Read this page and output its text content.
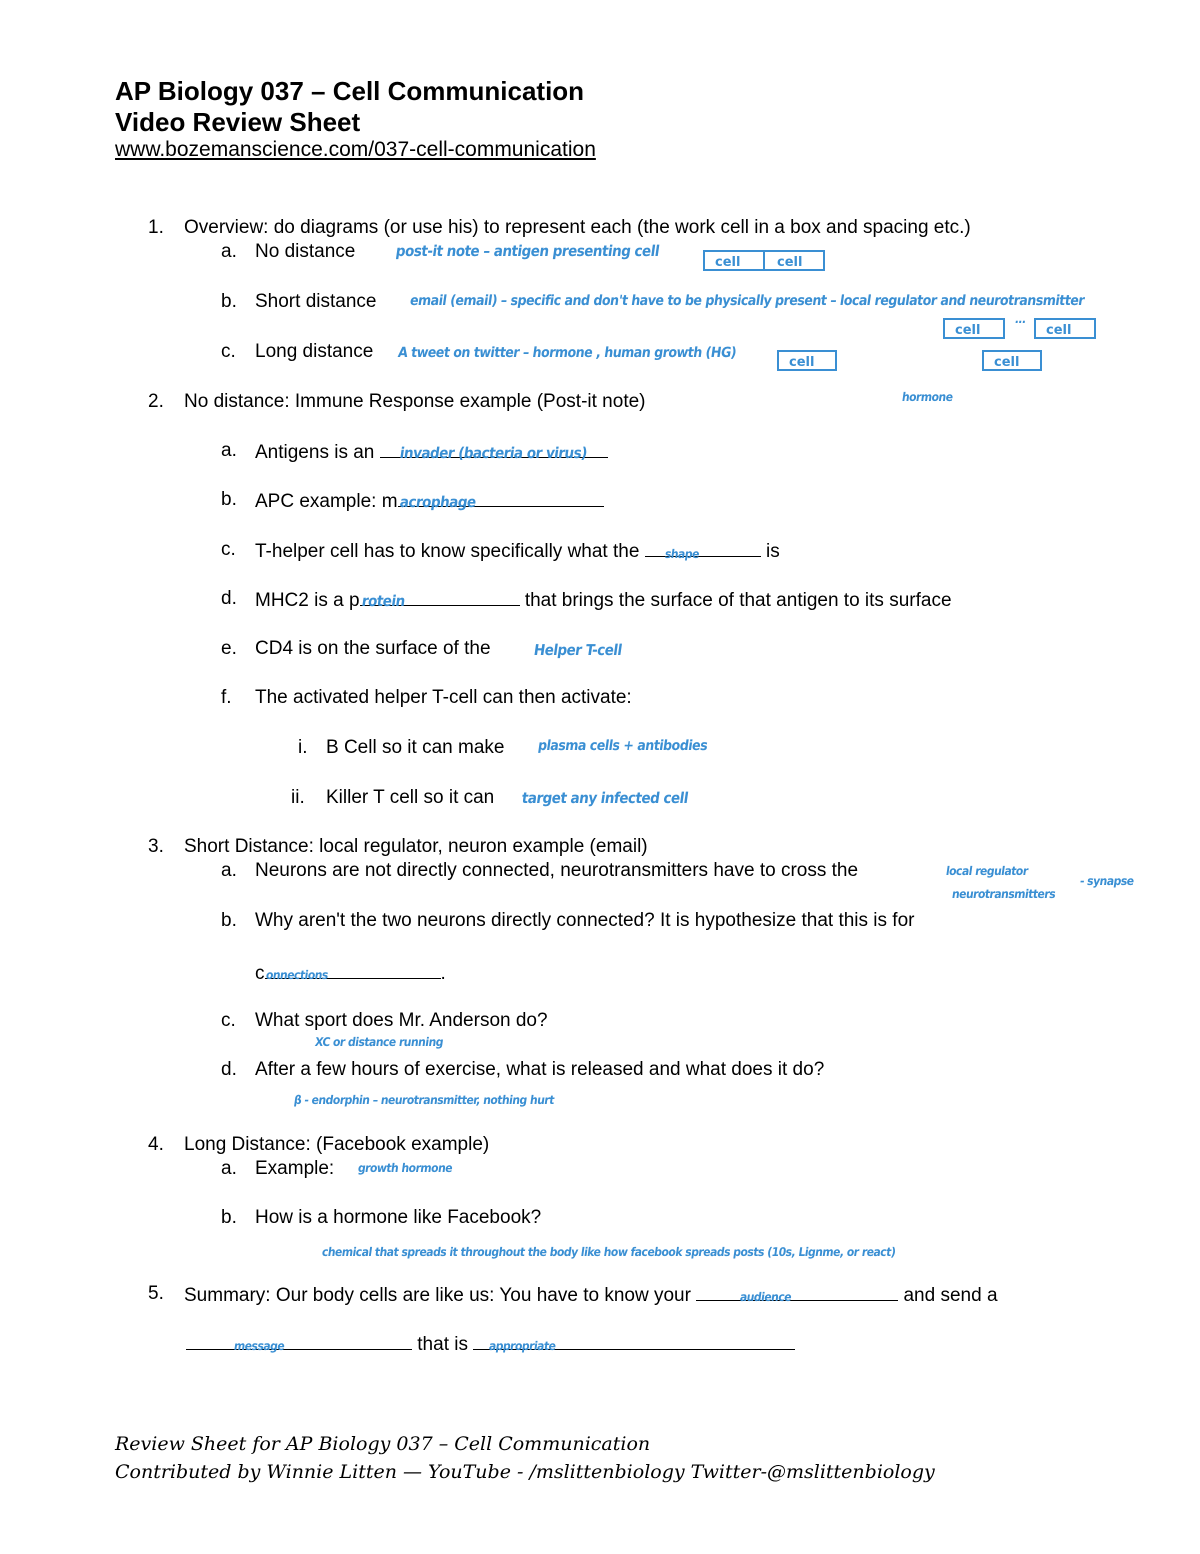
AP Biology 037 – Cell Communication
Video Review Sheet
www.bozemanscience.com/037-cell-communication
1. Overview: do diagrams (or use his) to represent each (the work cell in a box and spacing etc.)
a. No distance	post-it note – antigen presenting cell
cell	cell
b. Short distance email (email) – specific and don't have to be physically present – local regulator and neurotransmitter
cell
...
cell
c. Long distance A tweet on twitter – hormone , human growth (HG)
cell	cell
hormone
2. No distance: Immune Response example (Post-it note)
a. Antigens is an invader (bacteria or virus)
b. APC example: m acrophage
c. T-helper cell has to know specifically what the shape	is
d. MHC2 is a p rotein	that brings the surface of that antigen to its surface
e. CD4 is on the surface of the	Helper T-cell
f. The activated helper T-cell can then activate:
i. B Cell so it can make plasma cells + antibodies
ii. Killer T cell so it can target any infected cell
3. Short Distance: local regulator, neuron example (email)
a. Neurons are not directly connected, neurotransmitters have to cross the	local regulator
neurotransmitters
- synapse
b. Why aren't the two neurons directly connected? It is hypothesize that this is for
c onnections	.
c. What sport does Mr. Anderson do?
XC or distance running
d. After a few hours of exercise, what is released and what does it do?
β - endorphin – neurotransmitter, nothing hurt
4. Long Distance: (Facebook example)
a. Example: growth hormone
b. How is a hormone like Facebook?
chemical that spreads it throughout the body like how facebook spreads posts (10s, Lignme, or react)
5. Summary: Our body cells are like us: You have to know your	audience	and send a
message	that is appropriate
Review Sheet for AP Biology 037 – Cell Communication
Contributed by Winnie Litten — YouTube - /mslittenbiology Twitter-@mslittenbiology
